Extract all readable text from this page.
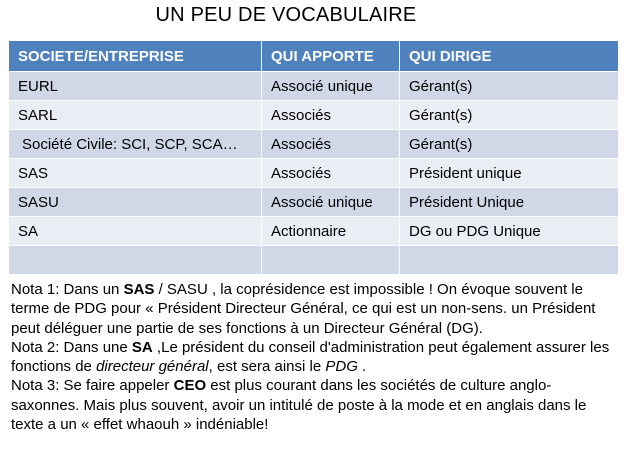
UN PEU DE VOCABULAIRE
SOCIETE/ENTREPRISE	QUI APPORTE	QUI DIRIGE
EURL	Associé unique	Gérant(s)
SARL	Associés	Gérant(s)
Société Civile: SCI, SCP, SCA…	Associés	Gérant(s)
SAS	Associés	Président unique
SASU	Associé unique	Président Unique
SA	Actionnaire	DG ou PDG Unique

Nota 1: Dans un SAS / SASU , la coprésidence est impossible ! On évoque souvent le terme de PDG pour « Président Directeur Général, ce qui est un non-sens. un Président peut déléguer une partie de ses fonctions à un Directeur Général (DG).

Nota 2: Dans une SA ,Le président du conseil d'administration peut également assurer les fonctions de directeur général, est sera ainsi le PDG .

Nota 3: Se faire appeler CEO est plus courant dans les sociétés de culture anglo-saxonnes. Mais plus souvent, avoir un intitulé de poste à la mode et en anglais dans le texte a un « effet whaouh » indéniable!
